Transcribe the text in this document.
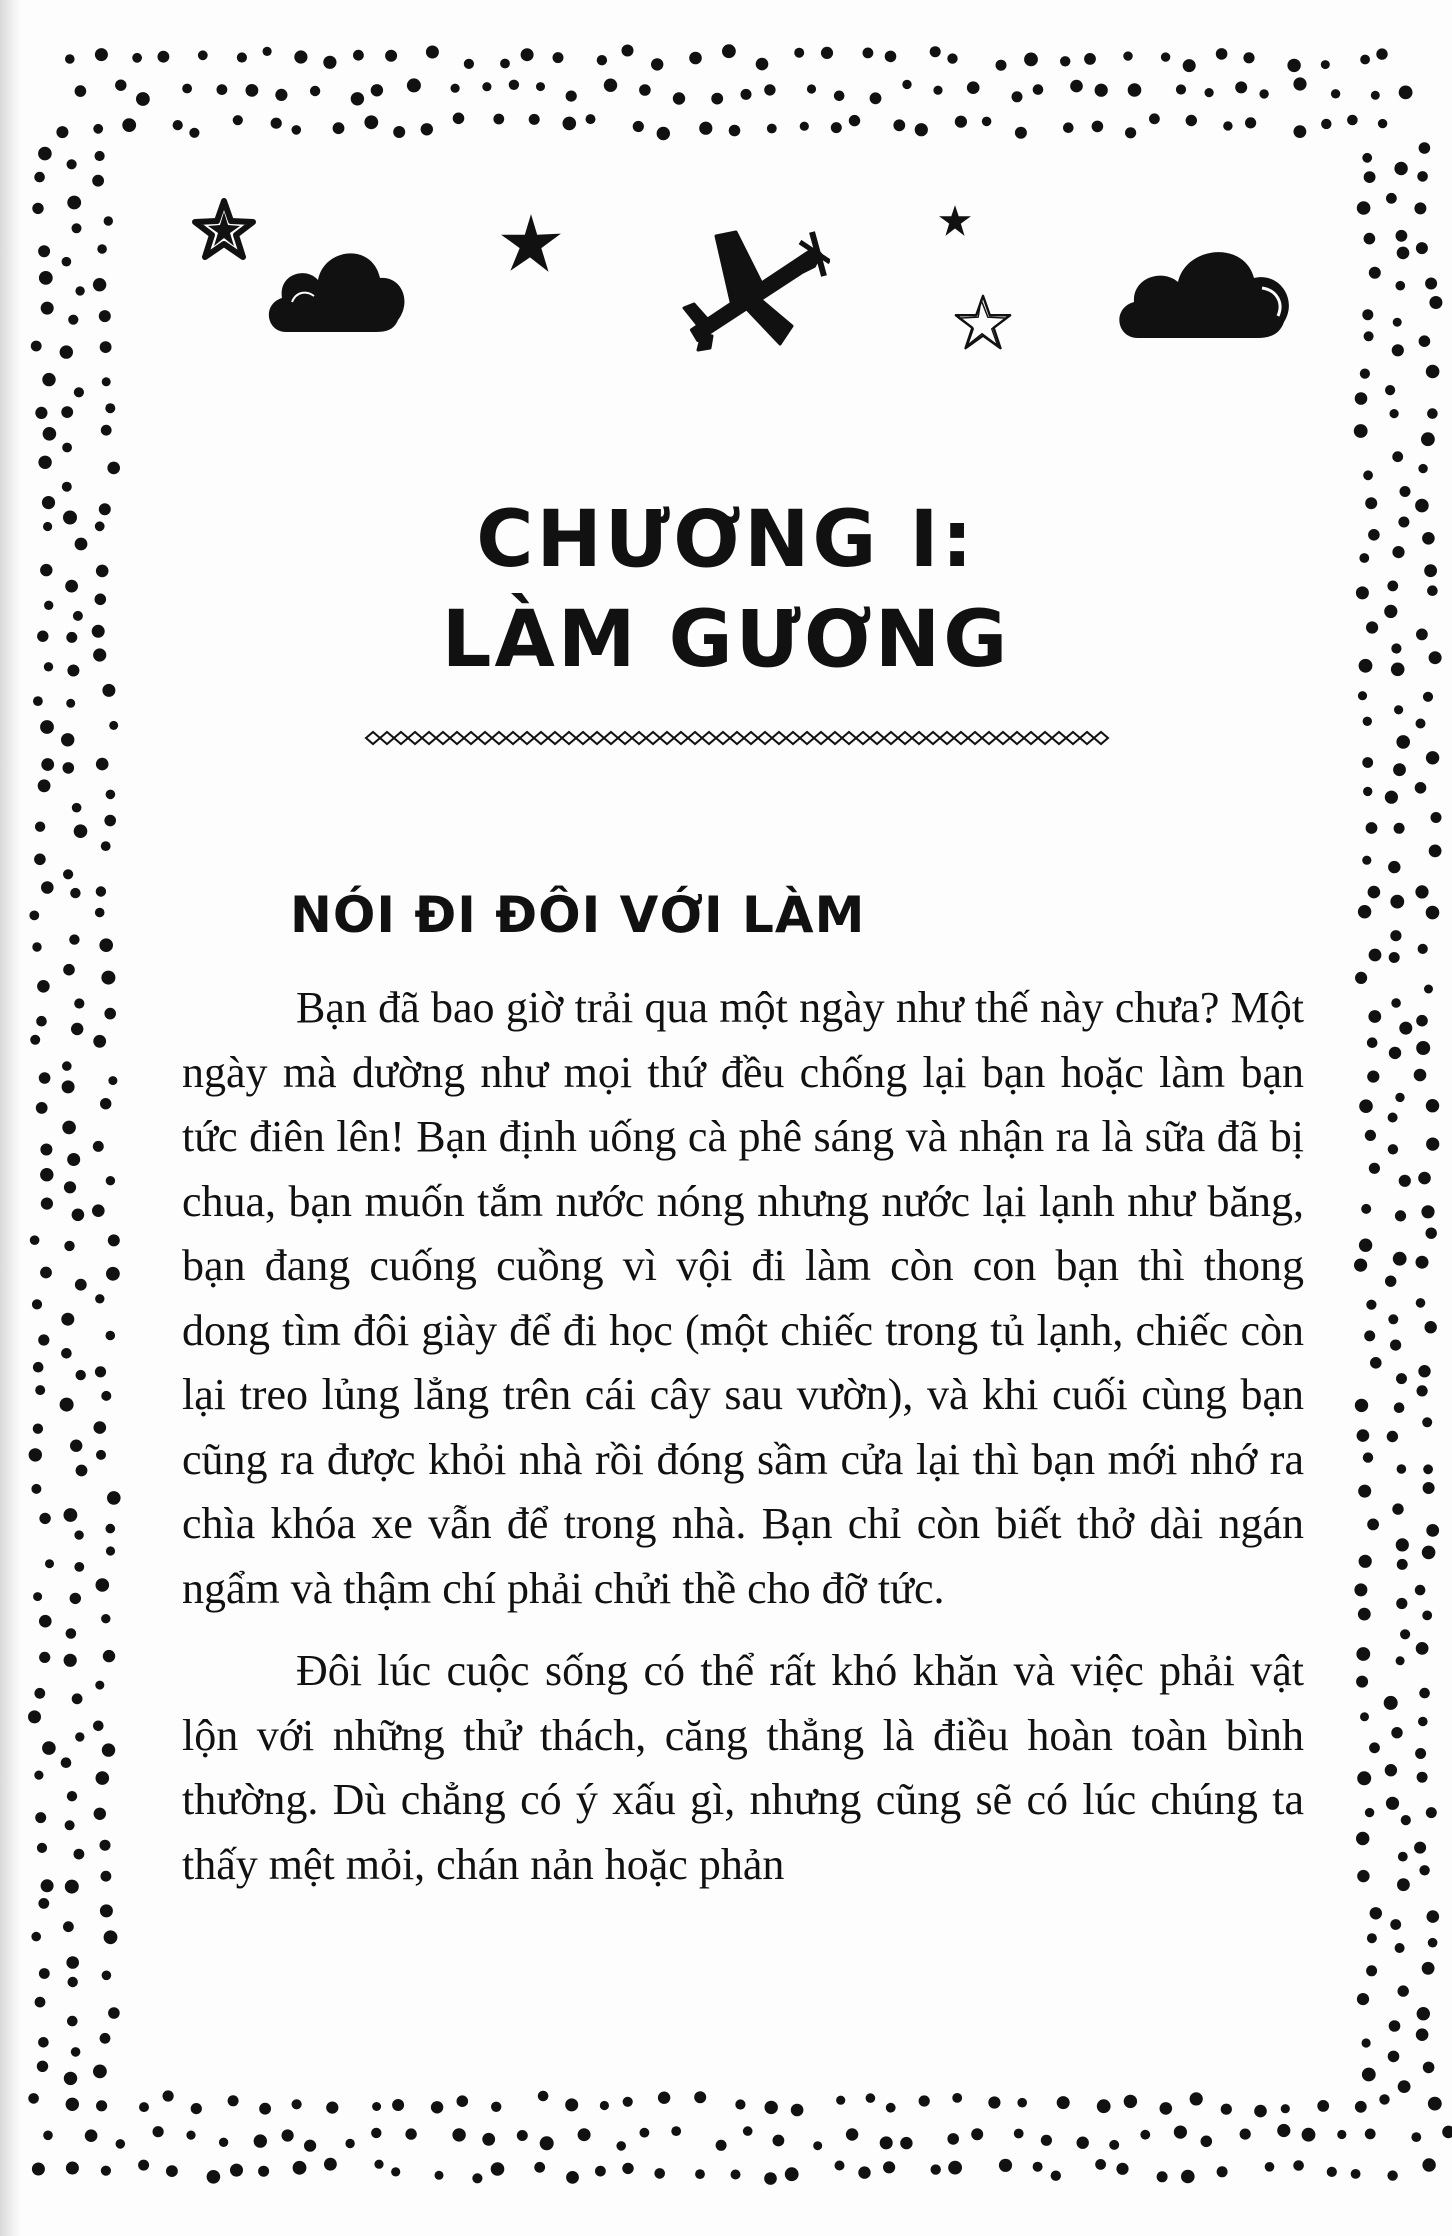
CHƯƠNG I:
LÀM GƯƠNG
NÓI ĐI ĐÔI VỚI LÀM

Bạn đã bao giờ trải qua một ngày như thế này chưa? Một ngày mà dường như mọi thứ đều chống lại bạn hoặc làm bạn tức điên lên! Bạn định uống cà phê sáng và nhận ra là sữa đã bị chua, bạn muốn tắm nước nóng nhưng nước lại lạnh như băng, bạn đang cuống cuồng vì vội đi làm còn con bạn thì thong dong tìm đôi giày để đi học (một chiếc trong tủ lạnh, chiếc còn lại treo lủng lẳng trên cái cây sau vườn), và khi cuối cùng bạn cũng ra được khỏi nhà rồi đóng sầm cửa lại thì bạn mới nhớ ra chìa khóa xe vẫn để trong nhà. Bạn chỉ còn biết thở dài ngán ngẩm và thậm chí phải chửi thề cho đỡ tức.

Đôi lúc cuộc sống có thể rất khó khăn và việc phải vật lộn với những thử thách, căng thẳng là điều hoàn toàn bình thường. Dù chẳng có ý xấu gì, nhưng cũng sẽ có lúc chúng ta thấy mệt mỏi, chán nản hoặc phản
